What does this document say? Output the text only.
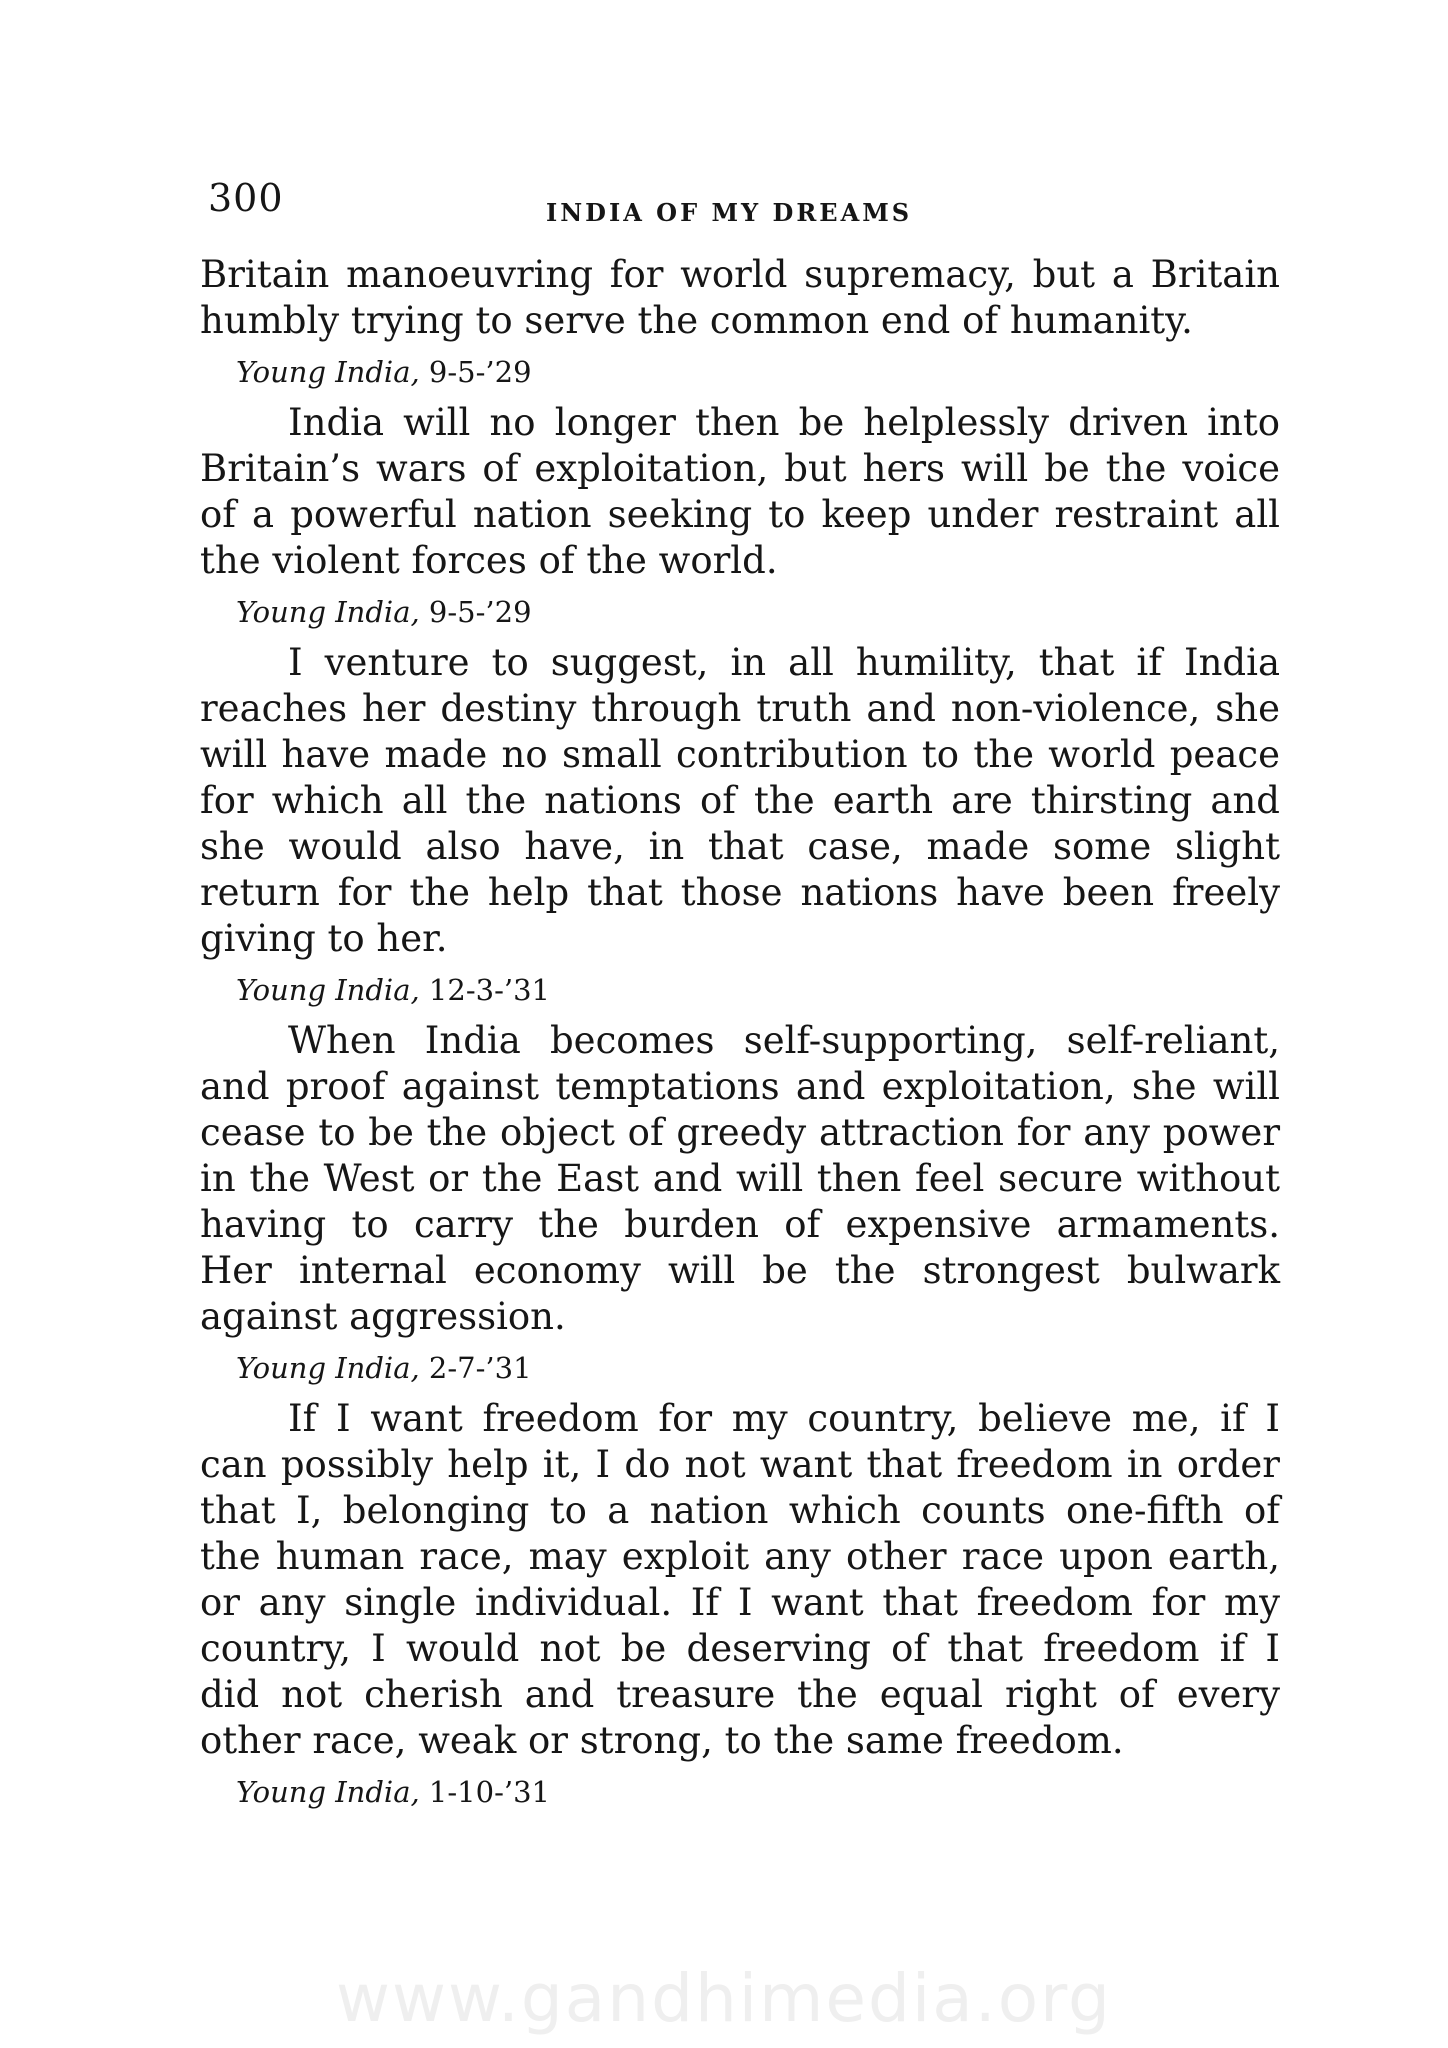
300	INDIA OF MY DREAMS
Britain manoeuvring for world supremacy, but a Britain
humbly trying to serve the common end of humanity.
Young India, 9-5-’29
India will no longer then be helplessly driven into
Britain’s wars of exploitation, but hers will be the voice
of a powerful nation seeking to keep under restraint all
the violent forces of the world.
Young India, 9-5-’29
I venture to suggest, in all humility, that if India
reaches her destiny through truth and non-violence, she
will have made no small contribution to the world peace
for which all the nations of the earth are thirsting and
she would also have, in that case, made some slight
return for the help that those nations have been freely
giving to her.
Young India, 12-3-’31
When India becomes self-supporting, self-reliant,
and proof against temptations and exploitation, she will
cease to be the object of greedy attraction for any power
in the West or the East and will then feel secure without
having to carry the burden of expensive armaments.
Her internal economy will be the strongest bulwark
against aggression.
Young India, 2-7-’31
If I want freedom for my country, believe me, if I
can possibly help it, I do not want that freedom in order
that I, belonging to a nation which counts one-fifth of
the human race, may exploit any other race upon earth,
or any single individual. If I want that freedom for my
country, I would not be deserving of that freedom if I
did not cherish and treasure the equal right of every
other race, weak or strong, to the same freedom.
Young India, 1-10-’31
www.gandhimedia.org
